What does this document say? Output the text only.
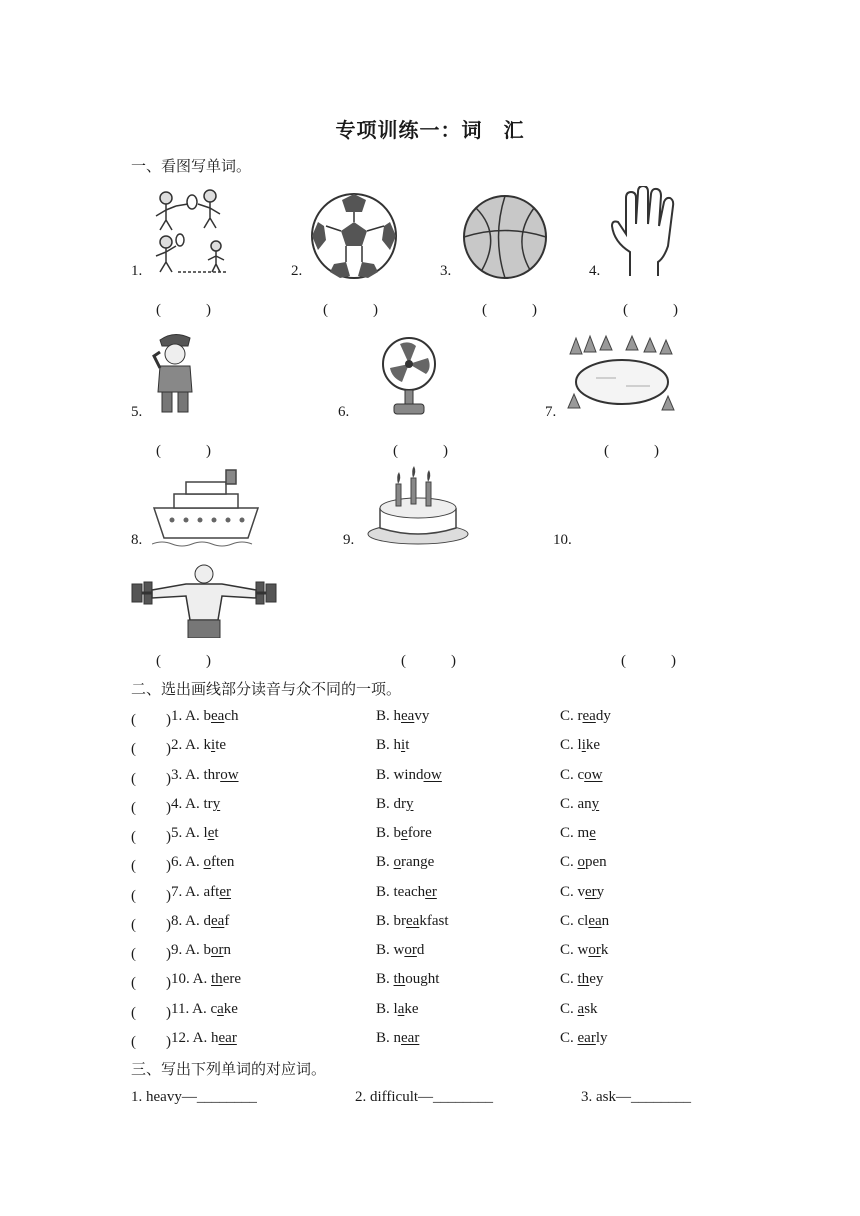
专项训练一：词　汇
一、看图写单词。
1.	2.	3.	4.
(　　　)	(　　　)	(　　　)	(　　　)
5.	6.	7.
(　　　)	(　　　)	(　　　)
8.	9.	10.
(　　　)	(　　　)	(　　　)
二、选出画线部分读音与众不同的一项。
(　　) 1. A. beach	B. heavy	C. ready
(　　) 2. A. kite	B. hit	C. like
(　　) 3. A. throw	B. window	C. cow
(　　) 4. A. try	B. dry	C. any
(　　) 5. A. let	B. before	C. me
(　　) 6. A. often	B. orange	C. open
(　　) 7. A. after	B. teacher	C. very
(　　) 8. A. deaf	B. breakfast	C. clean
(　　) 9. A. born	B. word	C. work
(　　) 10. A. there	B. thought	C. they
(　　) 11. A. cake	B. lake	C. ask
(　　) 12. A. hear	B. near	C. early
三、写出下列单词的对应词。
1. heavy—________	2. difficult—________	3. ask—________
